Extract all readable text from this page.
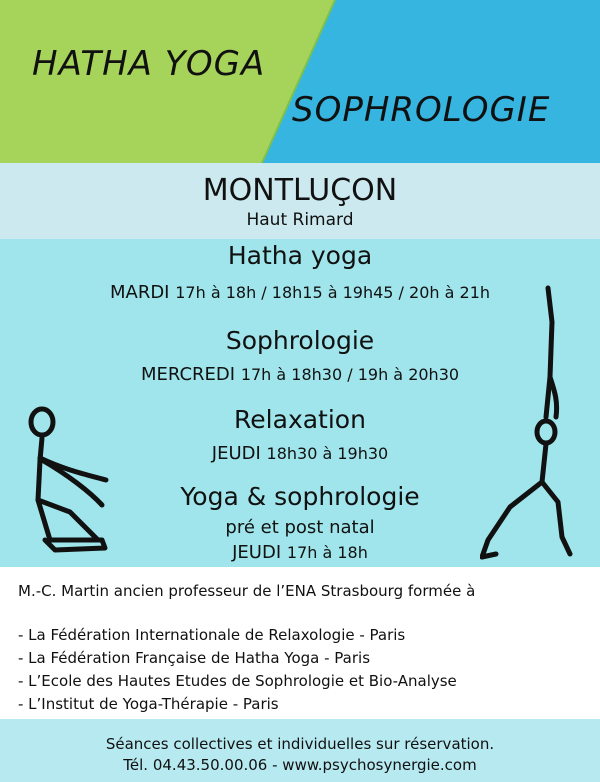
HATHA YOGA
SOPHROLOGIE
MONTLUÇON
Haut Rimard
Hatha yoga
MARDI 17h à 18h / 18h15 à 19h45 / 20h à 21h
Sophrologie
MERCREDI 17h à 18h30 / 19h à 20h30
Relaxation
JEUDI 18h30 à 19h30
Yoga & sophrologie
pré et post natal
JEUDI 17h à 18h
M.-C. Martin ancien professeur de l’ENA Strasbourg formée à
- La Fédération Internationale de Relaxologie - Paris
- La Fédération Française de Hatha Yoga - Paris
- L’Ecole des Hautes Etudes de Sophrologie et Bio-Analyse
- L’Institut de Yoga-Thérapie - Paris
Séances collectives et individuelles sur réservation.
Tél. 04.43.50.00.06 - www.psychosynergie.com
